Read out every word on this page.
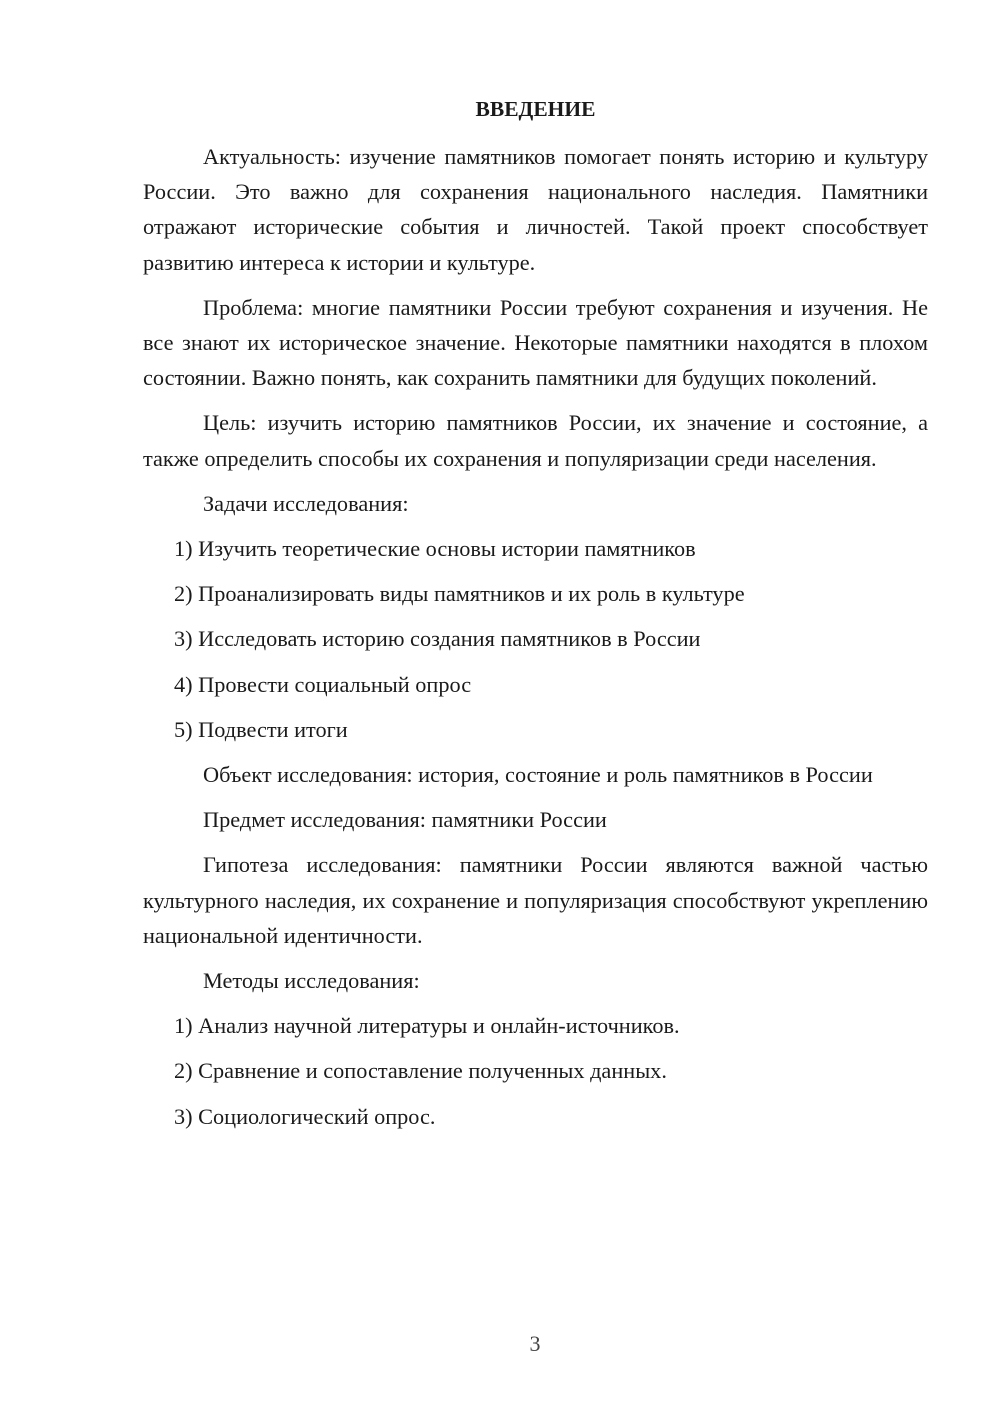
ВВЕДЕНИЕ

Актуальность: изучение памятников помогает понять историю и культуру России. Это важно для сохранения национального наследия. Памятники отражают исторические события и личностей. Такой проект способствует развитию интереса к истории и культуре.

Проблема: многие памятники России требуют сохранения и изучения. Не все знают их историческое значение. Некоторые памятники находятся в плохом состоянии. Важно понять, как сохранить памятники для будущих поколений.

Цель: изучить историю памятников России, их значение и состояние, а также определить способы их сохранения и популяризации среди населения.

Задачи исследования:

1) Изучить теоретические основы истории памятников
2) Проанализировать виды памятников и их роль в культуре
3) Исследовать историю создания памятников в России
4) Провести социальный опрос
5) Подвести итоги

Объект исследования: история, состояние и роль памятников в России

Предмет исследования: памятники России

Гипотеза исследования: памятники России являются важной частью культурного наследия, их сохранение и популяризация способствуют укреплению национальной идентичности.

Методы исследования:

1) Анализ научной литературы и онлайн-источников.
2) Сравнение и сопоставление полученных данных.
3) Социологический опрос.
3
